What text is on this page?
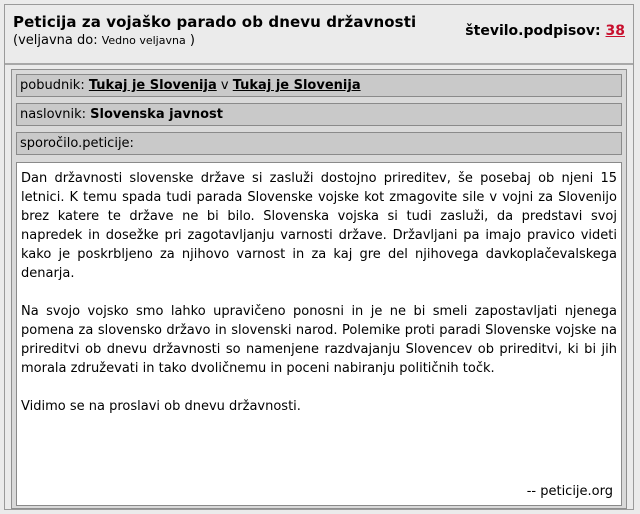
Peticija za vojaško parado ob dnevu državnosti
(veljavna do: Vedno veljavna )
število.podpisov: 38
pobudnik: Tukaj je Slovenija v Tukaj je Slovenija
naslovnik: Slovenska javnost
sporočilo.peticije:

Dan državnosti slovenske države si zasluži dostojno prireditev, še posebaj ob njeni 15 letnici. K temu spada tudi parada Slovenske vojske kot zmagovite sile v vojni za Slovenijo brez katere te države ne bi bilo. Slovenska vojska si tudi zasluži, da predstavi svoj napredek in dosežke pri zagotavljanju varnosti države. Državljani pa imajo pravico videti kako je poskrbljeno za njihovo varnost in za kaj gre del njihovega davkoplačevalskega denarja.

Na svojo vojsko smo lahko upravičeno ponosni in je ne bi smeli zapostavljati njenega pomena za slovensko državo in slovenski narod. Polemike proti paradi Slovenske vojske na prireditvi ob dnevu državnosti so namenjene razdvajanju Slovencev ob prireditvi, ki bi jih morala združevati in tako dvoličnemu in poceni nabiranju političnih točk.

Vidimo se na proslavi ob dnevu državnosti.

-- peticije.org
